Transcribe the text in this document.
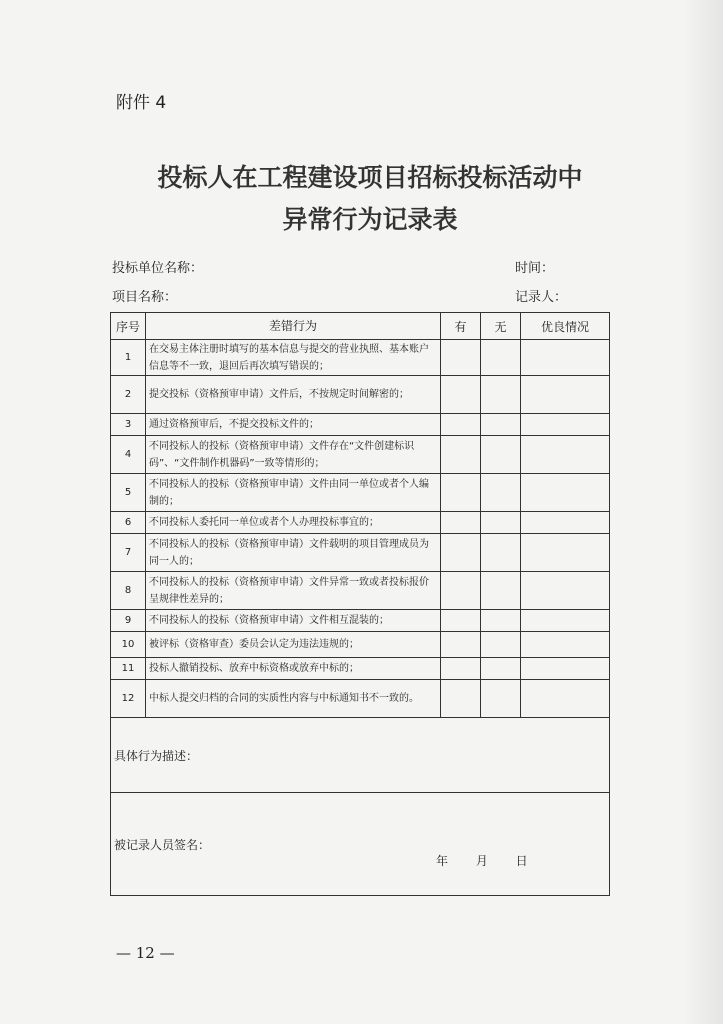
附件 4
投标人在工程建设项目招标投标活动中
异常行为记录表
投标单位名称：	时间：
项目名称：	记录人：
序号	差错行为	有	无	优良情况
1	在交易主体注册时填写的基本信息与提交的营业执照、基本账户信息等不一致，退回后再次填写错误的；			
2	提交投标（资格预审申请）文件后，不按规定时间解密的；			
3	通过资格预审后，不提交投标文件的；			
4	不同投标人的投标（资格预审申请）文件存在“文件创建标识码”、“文件制作机器码”一致等情形的；			
5	不同投标人的投标（资格预审申请）文件由同一单位或者个人编制的；			
6	不同投标人委托同一单位或者个人办理投标事宜的；			
7	不同投标人的投标（资格预审申请）文件载明的项目管理成员为同一人的；			
8	不同投标人的投标（资格预审申请）文件异常一致或者投标报价呈规律性差异的；			
9	不同投标人的投标（资格预审申请）文件相互混装的；			
10	被评标（资格审查）委员会认定为违法违规的；			
11	投标人撤销投标、放弃中标资格或放弃中标的；			
12	中标人提交归档的合同的实质性内容与中标通知书不一致的。			
具体行为描述：				
被记录人员签名：
年 月 日				
— 12 —
